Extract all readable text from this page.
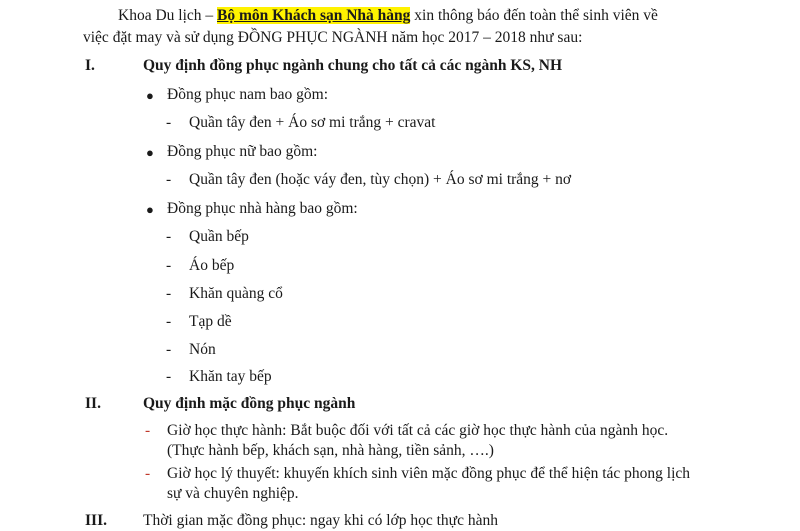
Khoa Du lịch – Bộ môn Khách sạn Nhà hàng xin thông báo đến toàn thể sinh viên về
việc đặt may và sử dụng ĐỒNG PHỤC NGÀNH năm học 2017 – 2018 như sau:
I.	Quy định đồng phục ngành chung cho tất cả các ngành KS, NH
● Đồng phục nam bao gồm:
- Quần tây đen + Áo sơ mi trắng + cravat
● Đồng phục nữ bao gồm:
- Quần tây đen (hoặc váy đen, tùy chọn) + Áo sơ mi trắng + nơ
● Đồng phục nhà hàng bao gồm:
- Quần bếp
- Áo bếp
- Khăn quàng cổ
- Tạp dề
- Nón
- Khăn tay bếp
II.	Quy định mặc đồng phục ngành
- Giờ học thực hành: Bắt buộc đối với tất cả các giờ học thực hành của ngành học.
(Thực hành bếp, khách sạn, nhà hàng, tiền sảnh, ….)
- Giờ học lý thuyết: khuyến khích sinh viên mặc đồng phục để thể hiện tác phong lịch
sự và chuyên nghiệp.
III. Thời gian mặc đồng phục: ngay khi có lớp học thực hành
